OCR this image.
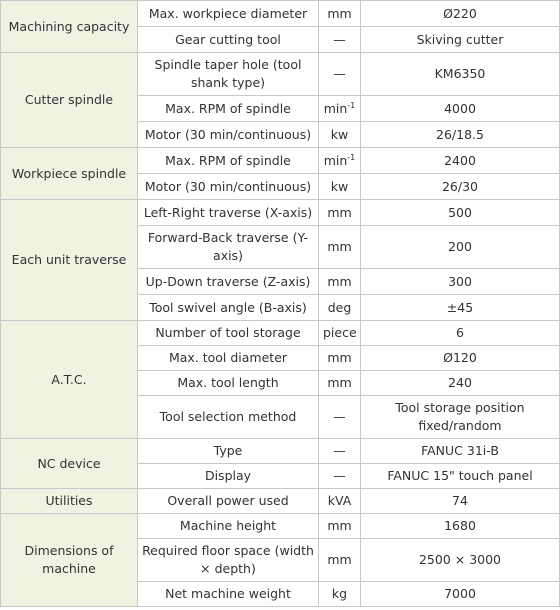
Machining capacity	Max. workpiece diameter	mm	Ø220
	Gear cutting tool	—	Skiving cutter
Cutter spindle	Spindle taper hole (tool shank type)	—	KM6350
	Max. RPM of spindle	$\min^{-1}$	4000
	Motor (30 min/continuous)	kw	26/18.5
Workpiece spindle	Max. RPM of spindle	$\min^{-1}$	2400
	Motor (30 min/continuous)	kw	26/30
Each unit traverse	Left-Right traverse (X-axis)	mm	500
	Forward-Back traverse (Y-axis)	mm	200
	Up-Down traverse (Z-axis)	mm	300
	Tool swivel angle (B-axis)	deg	±45
A.T.C.	Number of tool storage	piece	6
	Max. tool diameter	mm	Ø120
	Max. tool length	mm	240
	Tool selection method	—	Tool storage position fixed/random
NC device	Type	—	FANUC 31i-B
	Display	—	FANUC 15" touch panel
Utilities	Overall power used	kVA	74
Dimensions of machine	Machine height	mm	1680
	Required floor space (width × depth)	mm	2500 × 3000
	Net machine weight	kg	7000
